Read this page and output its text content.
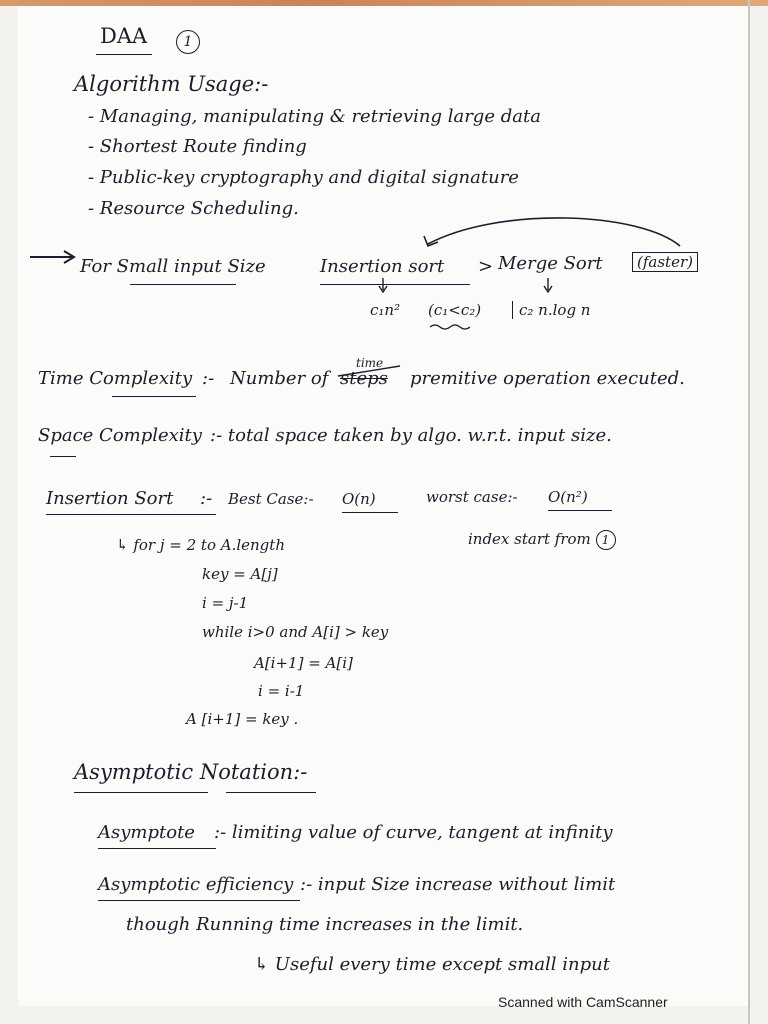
DAA	1
Algorithm Usage:-
- Managing, manipulating & retrieving large data
- Shortest Route finding
- Public-key cryptography and digital signature
- Resource Scheduling.
For Small input Size	Insertion sort > Merge Sort	(faster)
c₁n² (c₁<c₂)	c₂ n.log n
Time Complexity :- Number of
time
steps premitive operation executed.
Space Complexity :- total space taken by algo. w.r.t. input size.
Insertion Sort :- Best Case:- O(n)	worst case:- O(n²)
index start from 1
↳ for j = 2 to A.length
key = A[j]
i = j-1
while i>0 and A[i] > key
A[i+1] = A[i]
i = i-1
A [i+1] = key .
Asymptotic Notation:-
Asymptote :- limiting value of curve, tangent at infinity
Asymptotic efficiency :- input Size increase without limit
though Running time increases in the limit.
↳ Useful every time except small input
Scanned with CamScanner
